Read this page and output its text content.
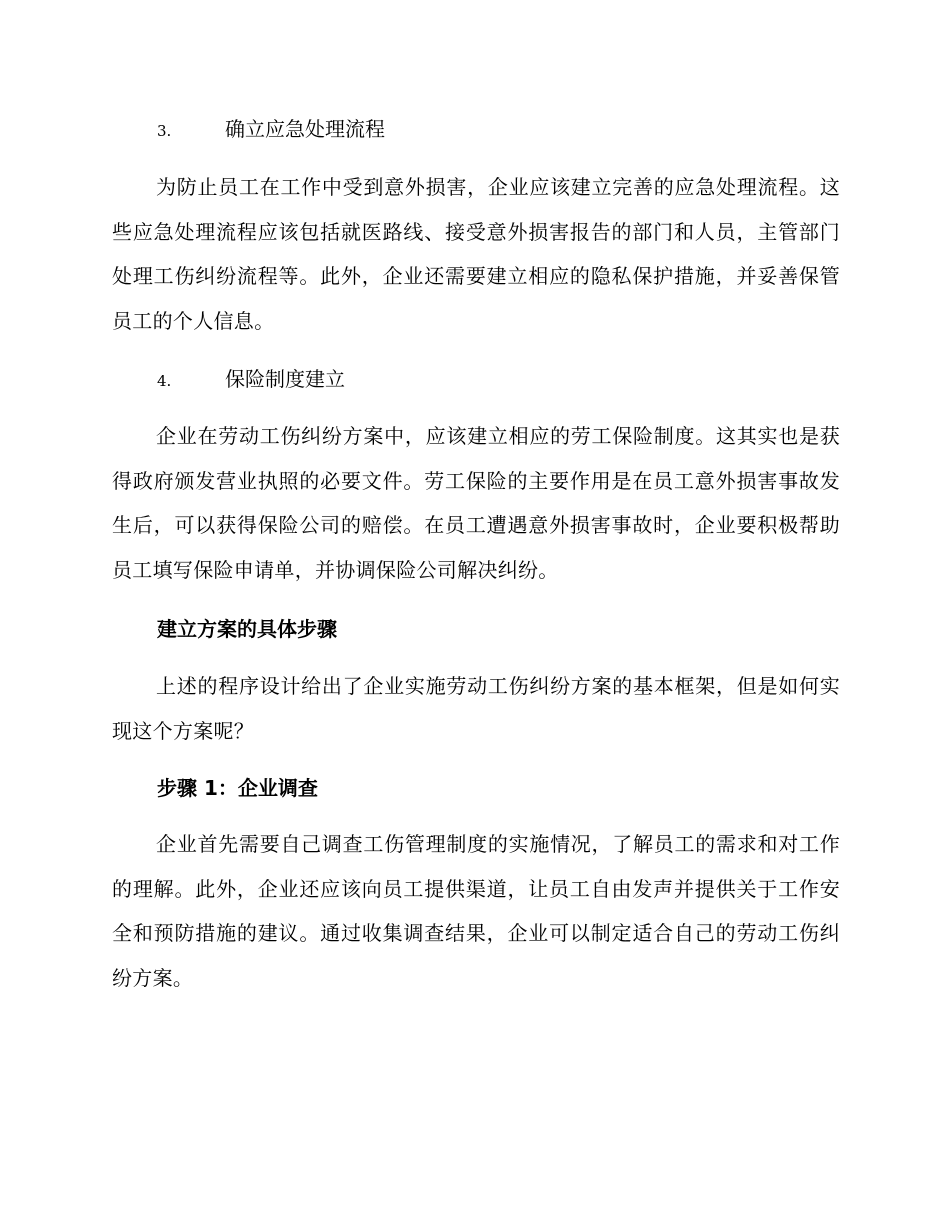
3.	确立应急处理流程

为防止员工在工作中受到意外损害，企业应该建立完善的应急处理流程。这些应急处理流程应该包括就医路线、接受意外损害报告的部门和人员，主管部门处理工伤纠纷流程等。此外，企业还需要建立相应的隐私保护措施，并妥善保管员工的个人信息。

4.	保险制度建立

企业在劳动工伤纠纷方案中，应该建立相应的劳工保险制度。这其实也是获得政府颁发营业执照的必要文件。劳工保险的主要作用是在员工意外损害事故发生后，可以获得保险公司的赔偿。在员工遭遇意外损害事故时，企业要积极帮助员工填写保险申请单，并协调保险公司解决纠纷。

建立方案的具体步骤

上述的程序设计给出了企业实施劳动工伤纠纷方案的基本框架，但是如何实现这个方案呢？

步骤 1：企业调查

企业首先需要自己调查工伤管理制度的实施情况，了解员工的需求和对工作的理解。此外，企业还应该向员工提供渠道，让员工自由发声并提供关于工作安全和预防措施的建议。通过收集调查结果，企业可以制定适合自己的劳动工伤纠纷方案。
